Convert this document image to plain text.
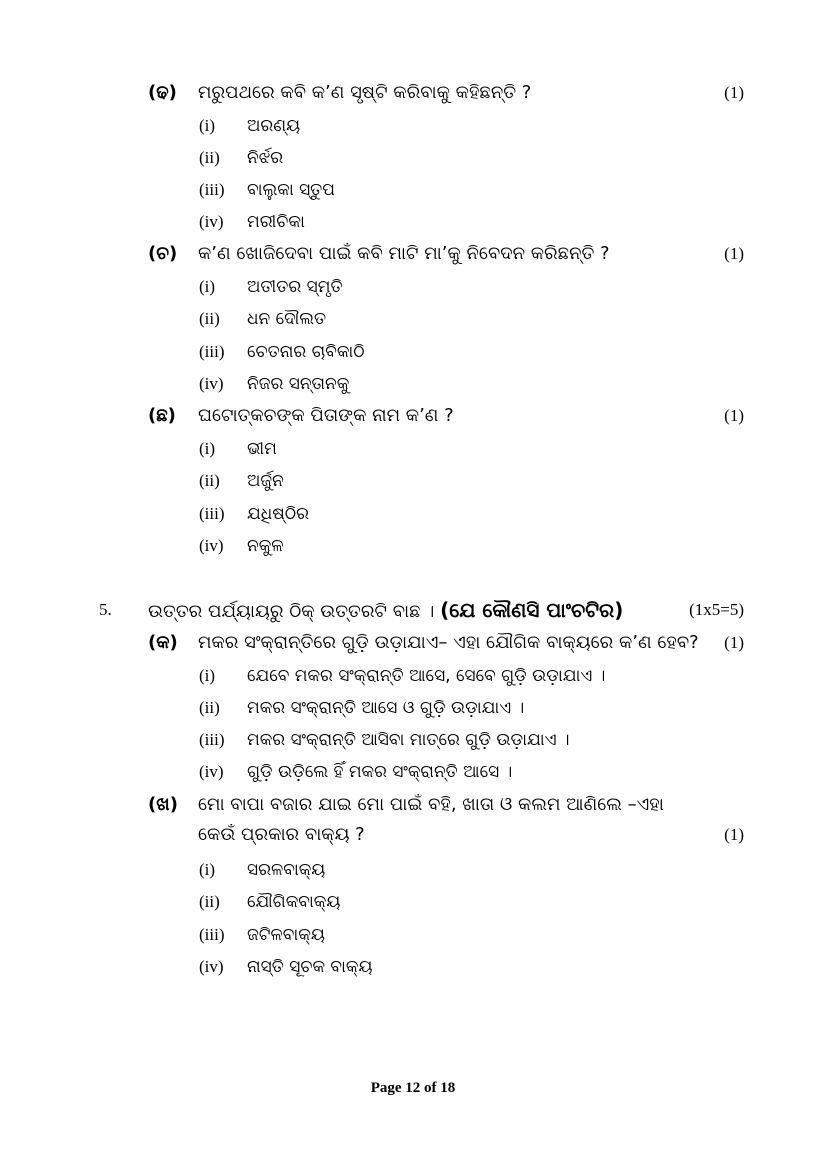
(ଢ) ମରୁପଥରେ କବି କ’ଣ ସୃଷ୍ଟି କରିବାକୁ କହିଛନ୍ତି ?	(1)
(i) ଅରଣ୍ୟ
(ii) ନିର୍ଝର
(iii) ବାଲୁକା ସ୍ତୁପ
(iv) ମରୀଚିକା
(ଚ) କ’ଣ ଖୋଜିଦେବା ପାଇଁ କବି ମାଟି ମା’କୁ ନିବେଦନ କରିଛନ୍ତି ?	(1)
(i) ଅତୀତର ସ୍ମୃତି
(ii) ଧନ ଦୌଲତ
(iii) ଚେତନାର ଚାବିକାଠି
(iv) ନିଜର ସନ୍ତାନକୁ
(ଛ) ଘଟୋତ୍କଚଙ୍କ ପିତାଙ୍କ ନାମ କ’ଣ ?	(1)
(i) ଭୀମ
(ii) ଅର୍ଜୁନ
(iii) ଯଧିଷ୍ଠିର
(iv) ନକୁଳ
5. ଉତ୍ତର ପର୍ଯ୍ୟାୟରୁ ଠିକ୍ ଉତ୍ତରଟି ବାଛ । (ଯେ କୌଣସି ପାଂଚଟିର)	(1x5=5)
(କ) ମକର ସଂକ୍ରାନ୍ତିରେ ଗୁଡ଼ି ଉଡ଼ାଯାଏ– ଏହା ଯୌଗିକ ବାକ୍ୟରେ କ’ଣ ହେବ? (1)
(i) ଯେବେ ମକର ସଂକ୍ରାନ୍ତି ଆସେ, ସେବେ ଗୁଡ଼ି ଉଡ଼ାଯାଏ ।
(ii) ମକର ସଂକ୍ରାନ୍ତି ଆସେ ଓ ଗୁଡ଼ି ଉଡ଼ାଯାଏ ।
(iii) ମକର ସଂକ୍ରାନ୍ତି ଆସିବା ମାତ୍ରେ ଗୁଡ଼ି ଉଡ଼ାଯାଏ ।
(iv) ଗୁଡ଼ି ଉଡ଼ିଲେ ହିଁ ମକର ସଂକ୍ରାନ୍ତି ଆସେ ।
(ଖ) ମୋ ବାପା ବଜାର ଯାଇ ମୋ ପାଇଁ ବହି, ଖାତା ଓ କଲମ ଆଣିଲେ –ଏହା
କେଉଁ ପ୍ରକାର ବାକ୍ୟ ?	(1)
(i) ସରଳବାକ୍ୟ
(ii) ଯୌଗିକବାକ୍ୟ
(iii) ଜଟିଳବାକ୍ୟ
(iv) ନାସ୍ତି ସୂଚକ ବାକ୍ୟ
Page 12 of 18
